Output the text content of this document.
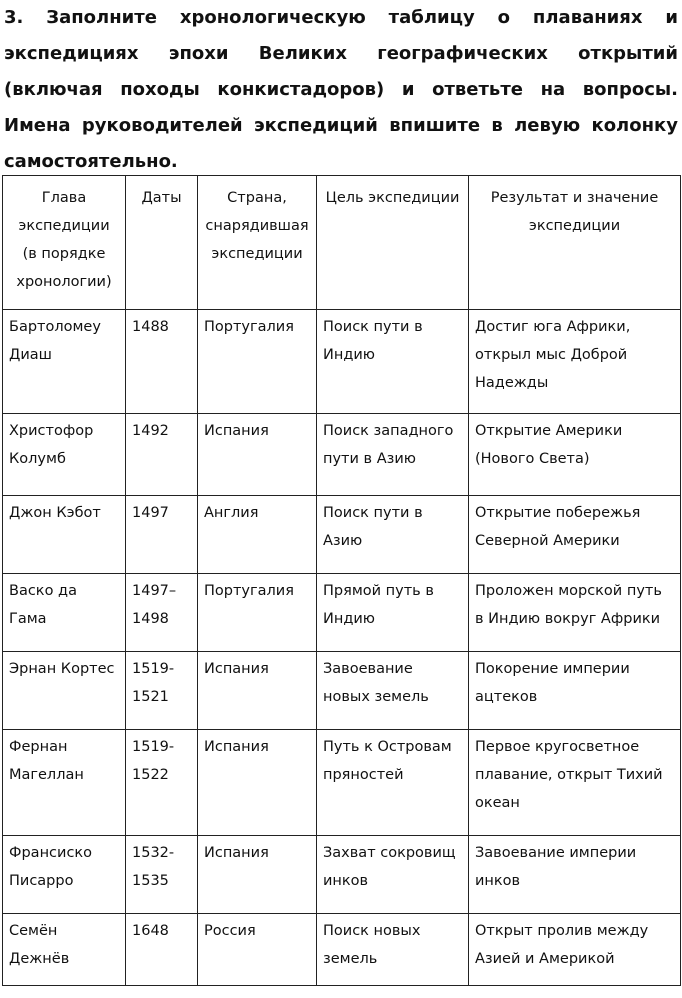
3. Заполните хронологическую таблицу о плаваниях и экспедициях эпохи Великих географических открытий (включая походы конкистадоров) и ответьте на вопросы. Имена руководителей экспедиций впишите в левую колонку самостоятельно.

Глава экспедиции (в порядке хронологии)	Даты	Страна, снарядившая экспедиции	Цель экспедиции	Результат и значение экспедиции
Бартоломеу Диаш	1488	Португалия	Поиск пути в Индию	Достиг юга Африки, открыл мыс Доброй Надежды
Христофор Колумб	1492	Испания	Поиск западного пути в Азию	Открытие Америки (Нового Света)
Джон Кэбот	1497	Англия	Поиск пути в Азию	Открытие побережья Северной Америки
Васко да Гама	1497–1498	Португалия	Прямой путь в Индию	Проложен морской путь в Индию вокруг Африки
Эрнан Кортес	1519-1521	Испания	Завоевание новых земель	Покорение империи ацтеков
Фернан Магеллан	1519-1522	Испания	Путь к Островам пряностей	Первое кругосветное плавание, открыт Тихий океан
Франсиско Писарро	1532-1535	Испания	Захват сокровищ инков	Завоевание империи инков
Семён Дежнёв	1648	Россия	Поиск новых земель	Открыт пролив между Азией и Америкой
